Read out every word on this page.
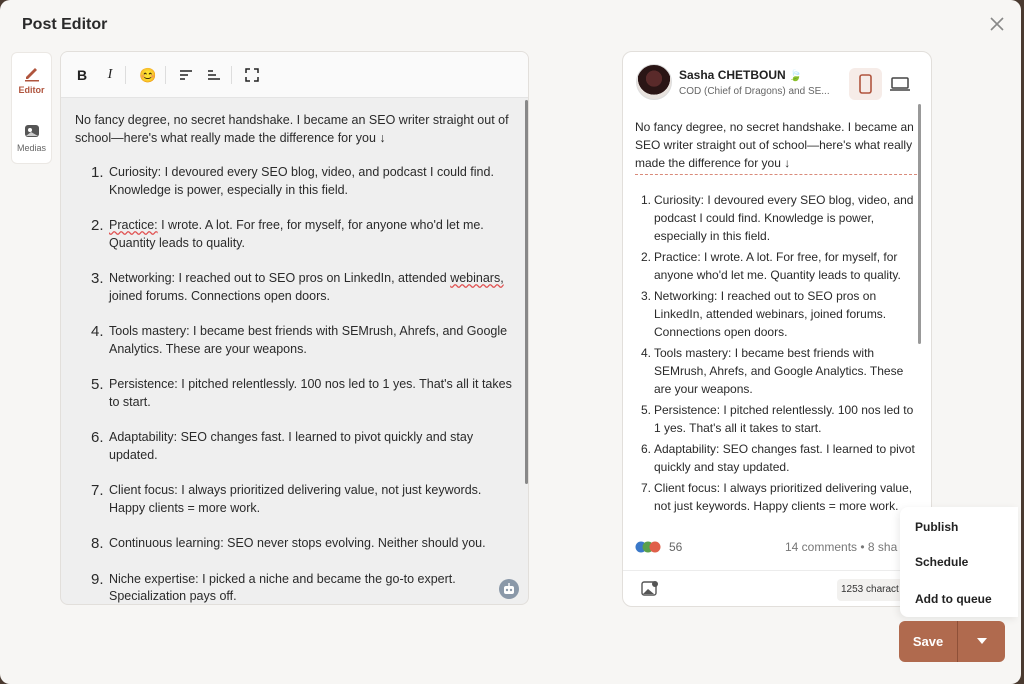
Post Editor
Editor
Medias
B	I	😊
No fancy degree, no secret handshake. I became an SEO writer straight out of school—here's what really made the difference for you ↓
1. Curiosity: I devoured every SEO blog, video, and podcast I could find. Knowledge is power, especially in this field.
2. Practice: I wrote. A lot. For free, for myself, for anyone who'd let me. Quantity leads to quality.
3. Networking: I reached out to SEO pros on LinkedIn, attended webinars, joined forums. Connections open doors.
4. Tools mastery: I became best friends with SEMrush, Ahrefs, and Google Analytics. These are your weapons.
5. Persistence: I pitched relentlessly. 100 nos led to 1 yes. That's all it takes to start.
6. Adaptability: SEO changes fast. I learned to pivot quickly and stay updated.
7. Client focus: I always prioritized delivering value, not just keywords. Happy clients = more work.
8. Continuous learning: SEO never stops evolving. Neither should you.
9. Niche expertise: I picked a niche and became the go-to expert. Specialization pays off.
Sasha CHETBOUN 🍃
COD (Chief of Dragons) and SE...
No fancy degree, no secret handshake. I became an SEO writer straight out of school—here's what really made the difference for you ↓
1. Curiosity: I devoured every SEO blog, video, and podcast I could find. Knowledge is power, especially in this field.
2. Practice: I wrote. A lot. For free, for myself, for anyone who'd let me. Quantity leads to quality.
3. Networking: I reached out to SEO pros on LinkedIn, attended webinars, joined forums. Connections open doors.
4. Tools mastery: I became best friends with SEMrush, Ahrefs, and Google Analytics. These are your weapons.
5. Persistence: I pitched relentlessly. 100 nos led to 1 yes. That's all it takes to start.
6. Adaptability: SEO changes fast. I learned to pivot quickly and stay updated.
7. Client focus: I always prioritized delivering value, not just keywords. Happy clients = more work.
56	14 comments • 8 sha
1253 charact
Publish
Schedule
Add to queue
Save
